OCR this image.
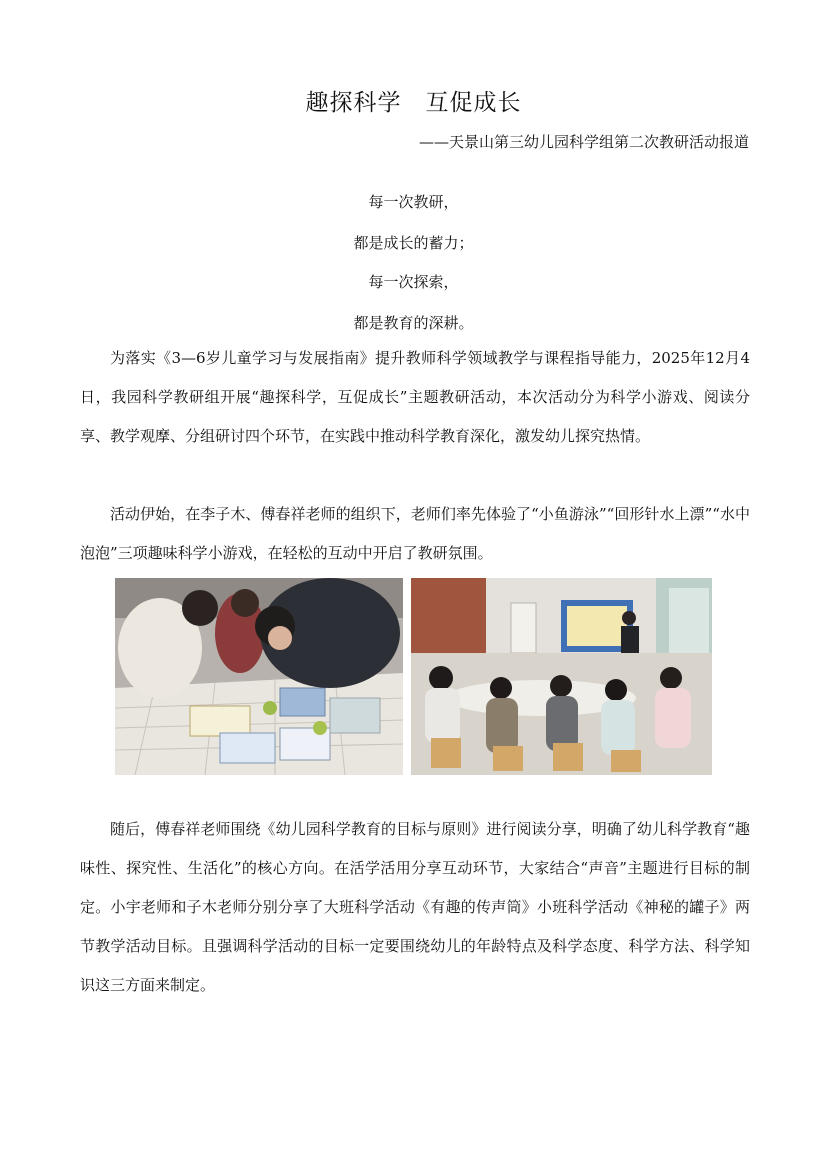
趣探科学　互促成长
——天景山第三幼儿园科学组第二次教研活动报道
每一次教研，
都是成长的蓄力；
每一次探索，
都是教育的深耕。

为落实《3—6岁儿童学习与发展指南》提升教师科学领域教学与课程指导能力，2025年12月4日，我园科学教研组开展“趣探科学，互促成长”主题教研活动，本次活动分为科学小游戏、阅读分享、教学观摩、分组研讨四个环节，在实践中推动科学教育深化，激发幼儿探究热情。

活动伊始，在李子木、傅春祥老师的组织下，老师们率先体验了“小鱼游泳”“回形针水上漂”“水中泡泡”三项趣味科学小游戏，在轻松的互动中开启了教研氛围。

随后，傅春祥老师围绕《幼儿园科学教育的目标与原则》进行阅读分享，明确了幼儿科学教育“趣味性、探究性、生活化”的核心方向。在活学活用分享互动环节，大家结合“声音”主题进行目标的制定。小宇老师和子木老师分别分享了大班科学活动《有趣的传声筒》小班科学活动《神秘的罐子》两节教学活动目标。且强调科学活动的目标一定要围绕幼儿的年龄特点及科学态度、科学方法、科学知识这三方面来制定。
